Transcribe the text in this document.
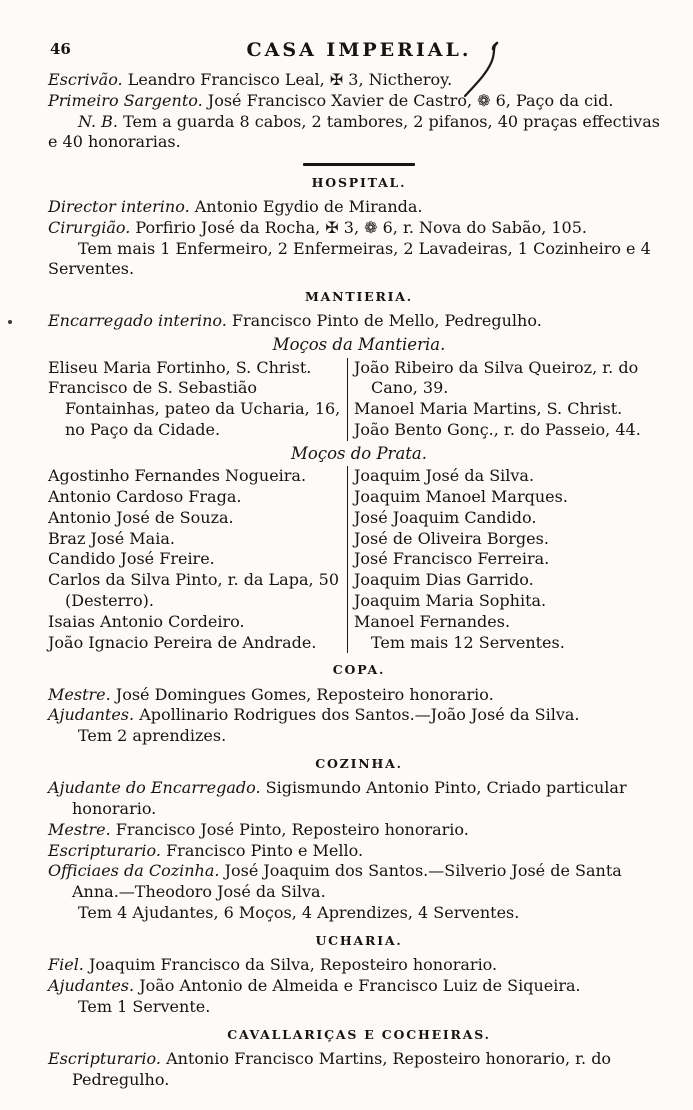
46	CASA IMPERIAL.

Escrivão. Leandro Francisco Leal, ✠ 3, Nictheroy.

Primeiro Sargento. José Francisco Xavier de Castro, ❁ 6, Paço da cid.

N. B. Tem a guarda 8 cabos, 2 tambores, 2 pifanos, 40 praças effectivas e 40 honorarias.

HOSPITAL.

Director interino. Antonio Egydio de Miranda.

Cirurgião. Porfirio José da Rocha, ✠ 3, ❁ 6, r. Nova do Sabão, 105.

Tem mais 1 Enfermeiro, 2 Enfermeiras, 2 Lavadeiras, 1 Cozinheiro e 4 Serventes.

MANTIERIA.

Encarregado interino. Francisco Pinto de Mello, Pedregulho.

Moços da Mantieria.

Eliseu Maria Fortinho, S. Christ.

Francisco de S. Sebastião Fontainhas, pateo da Ucharia, 16, no Paço da Cidade.

João Ribeiro da Silva Queiroz, r. do Cano, 39.

Manoel Maria Martins, S. Christ.

João Bento Gonç., r. do Passeio, 44.

Moços do Prata.

Agostinho Fernandes Nogueira.

Antonio Cardoso Fraga.

Antonio José de Souza.

Braz José Maia.

Candido José Freire.

Carlos da Silva Pinto, r. da Lapa, 50 (Desterro).

Isaias Antonio Cordeiro.

João Ignacio Pereira de Andrade.

Joaquim José da Silva.

Joaquim Manoel Marques.

José Joaquim Candido.

José de Oliveira Borges.

José Francisco Ferreira.

Joaquim Dias Garrido.

Joaquim Maria Sophita.

Manoel Fernandes.

Tem mais 12 Serventes.

COPA.

Mestre. José Domingues Gomes, Reposteiro honorario.

Ajudantes. Apollinario Rodrigues dos Santos.—João José da Silva.

Tem 2 aprendizes.

COZINHA.

Ajudante do Encarregado. Sigismundo Antonio Pinto, Criado particular honorario.

Mestre. Francisco José Pinto, Reposteiro honorario.

Escripturario. Francisco Pinto e Mello.

Officiaes da Cozinha. José Joaquim dos Santos.—Silverio José de Santa Anna.—Theodoro José da Silva.

Tem 4 Ajudantes, 6 Moços, 4 Aprendizes, 4 Serventes.

UCHARIA.

Fiel. Joaquim Francisco da Silva, Reposteiro honorario.

Ajudantes. João Antonio de Almeida e Francisco Luiz de Siqueira.

Tem 1 Servente.

CAVALLARIÇAS E COCHEIRAS.

Escripturario. Antonio Francisco Martins, Reposteiro honorario, r. do Pedregulho.
